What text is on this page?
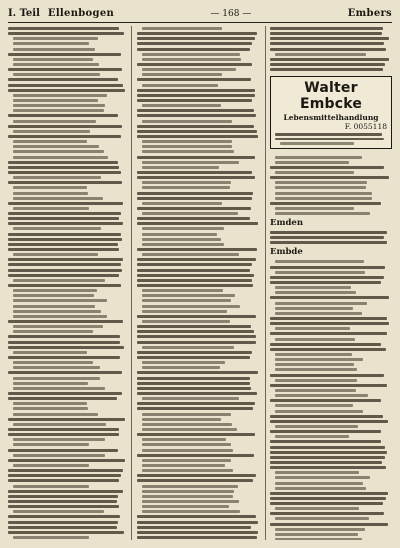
I. Teil Ellenbogen	— 168 —	Embers
Walter Embcke
Lebensmittelhandlung
F. 0055118
Emden
Embde
